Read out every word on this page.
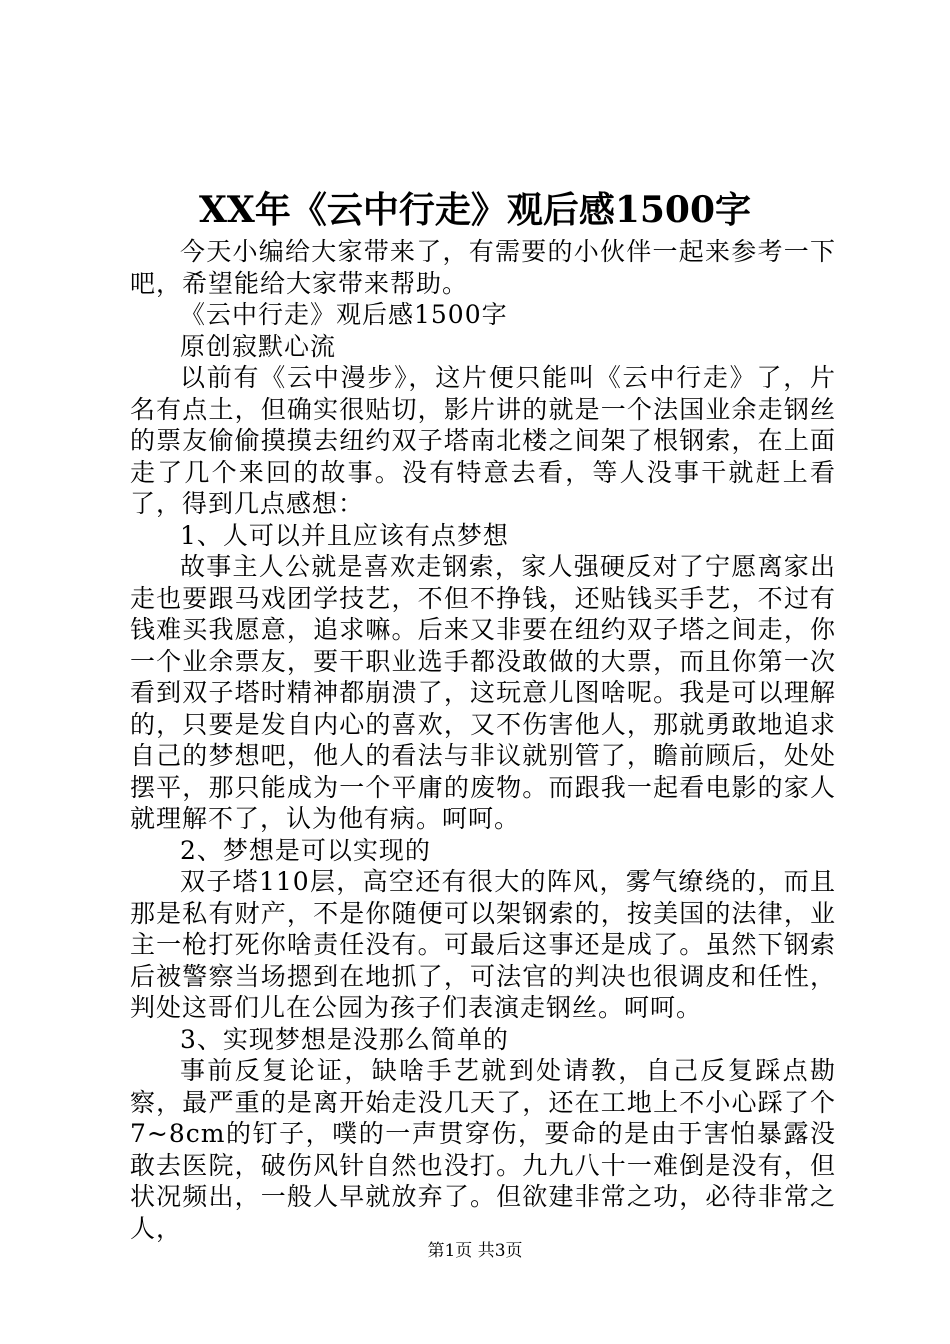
XX年《云中行走》观后感1500字

今天小编给大家带来了，有需要的小伙伴一起来参考一下吧，希望能给大家带来帮助。

《云中行走》观后感1500字

原创寂默心流

以前有《云中漫步》，这片便只能叫《云中行走》了，片名有点土，但确实很贴切，影片讲的就是一个法国业余走钢丝的票友偷偷摸摸去纽约双子塔南北楼之间架了根钢索，在上面走了几个来回的故事。没有特意去看，等人没事干就赶上看了，得到几点感想：

1、人可以并且应该有点梦想

故事主人公就是喜欢走钢索，家人强硬反对了宁愿离家出走也要跟马戏团学技艺，不但不挣钱，还贴钱买手艺，不过有钱难买我愿意，追求嘛。后来又非要在纽约双子塔之间走，你一个业余票友，要干职业选手都没敢做的大票，而且你第一次看到双子塔时精神都崩溃了，这玩意儿图啥呢。我是可以理解的，只要是发自内心的喜欢，又不伤害他人，那就勇敢地追求自己的梦想吧，他人的看法与非议就别管了，瞻前顾后，处处摆平，那只能成为一个平庸的废物。而跟我一起看电影的家人就理解不了，认为他有病。呵呵。

2、梦想是可以实现的

双子塔110层，高空还有很大的阵风，雾气缭绕的，而且那是私有财产，不是你随便可以架钢索的，按美国的法律，业主一枪打死你啥责任没有。可最后这事还是成了。虽然下钢索后被警察当场摁到在地抓了，可法官的判决也很调皮和任性，判处这哥们儿在公园为孩子们表演走钢丝。呵呵。

3、实现梦想是没那么简单的

事前反复论证，缺啥手艺就到处请教，自己反复踩点勘察，最严重的是离开始走没几天了，还在工地上不小心踩了个7~8cm的钉子，噗的一声贯穿伤，要命的是由于害怕暴露没敢去医院，破伤风针自然也没打。九九八十一难倒是没有，但状况频出，一般人早就放弃了。但欲建非常之功，必待非常之人，

第1页 共3页
